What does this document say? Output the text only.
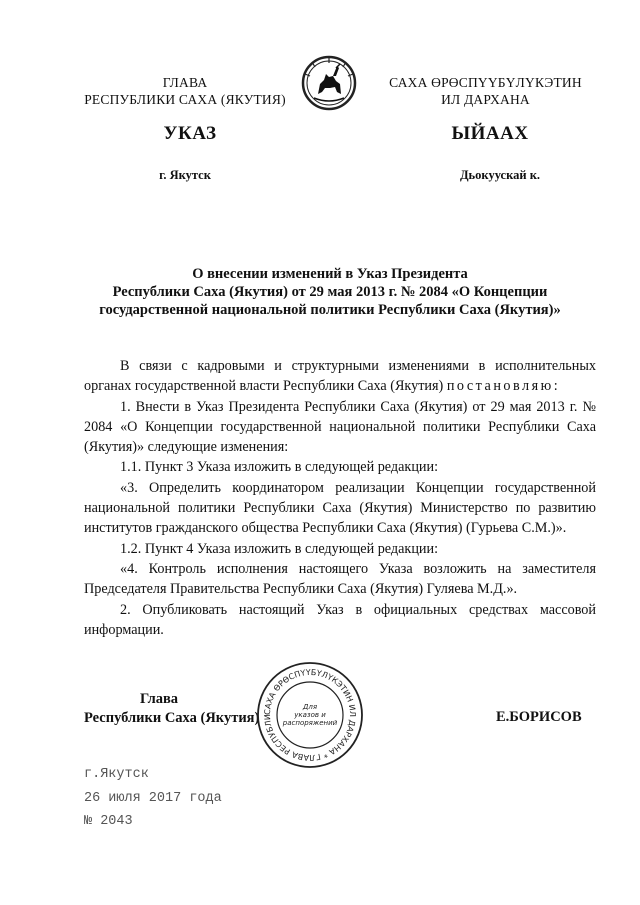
ГЛАВА
РЕСПУБЛИКИ САХА (ЯКУТИЯ)
САХА ӨРӨСПҮҮБҮЛҮКЭТИН
ИЛ ДАРХАНА
УКАЗ	ЫЙААХ
г. Якутск	Дьокуускай к.
О внесении изменений в Указ Президента
Республики Саха (Якутия) от 29 мая 2013 г. № 2084 «О Концепции
государственной национальной политики Республики Саха (Якутия)»

В связи с кадровыми и структурными изменениями в исполнительных органах государственной власти Республики Саха (Якутия) постановляю:

1. Внести в Указ Президента Республики Саха (Якутия) от 29 мая 2013 г. № 2084 «О Концепции государственной национальной политики Республики Саха (Якутия)» следующие изменения:

1.1. Пункт 3 Указа изложить в следующей редакции:

«3. Определить координатором реализации Концепции государственной национальной политики Республики Саха (Якутия) Министерство по развитию институтов гражданского общества Республики Саха (Якутия) (Гурьева С.М.)».

1.2. Пункт 4 Указа изложить в следующей редакции:

«4. Контроль исполнения настоящего Указа возложить на заместителя Председателя Правительства Республики Саха (Якутия) Гуляева М.Д.».

2. Опубликовать настоящий Указ в официальных средствах массовой информации.

Глава
Республики Саха (Якутия)	Е.БОРИСОВ
САХА ӨРӨСПҮҮБҮЛҮКЭТИН ИЛ ДАРХАНА * ГЛАВА РЕСПУБЛИ
Для
указов и
распоряжений
г.Якутск
26 июля 2017 года
№ 2043
